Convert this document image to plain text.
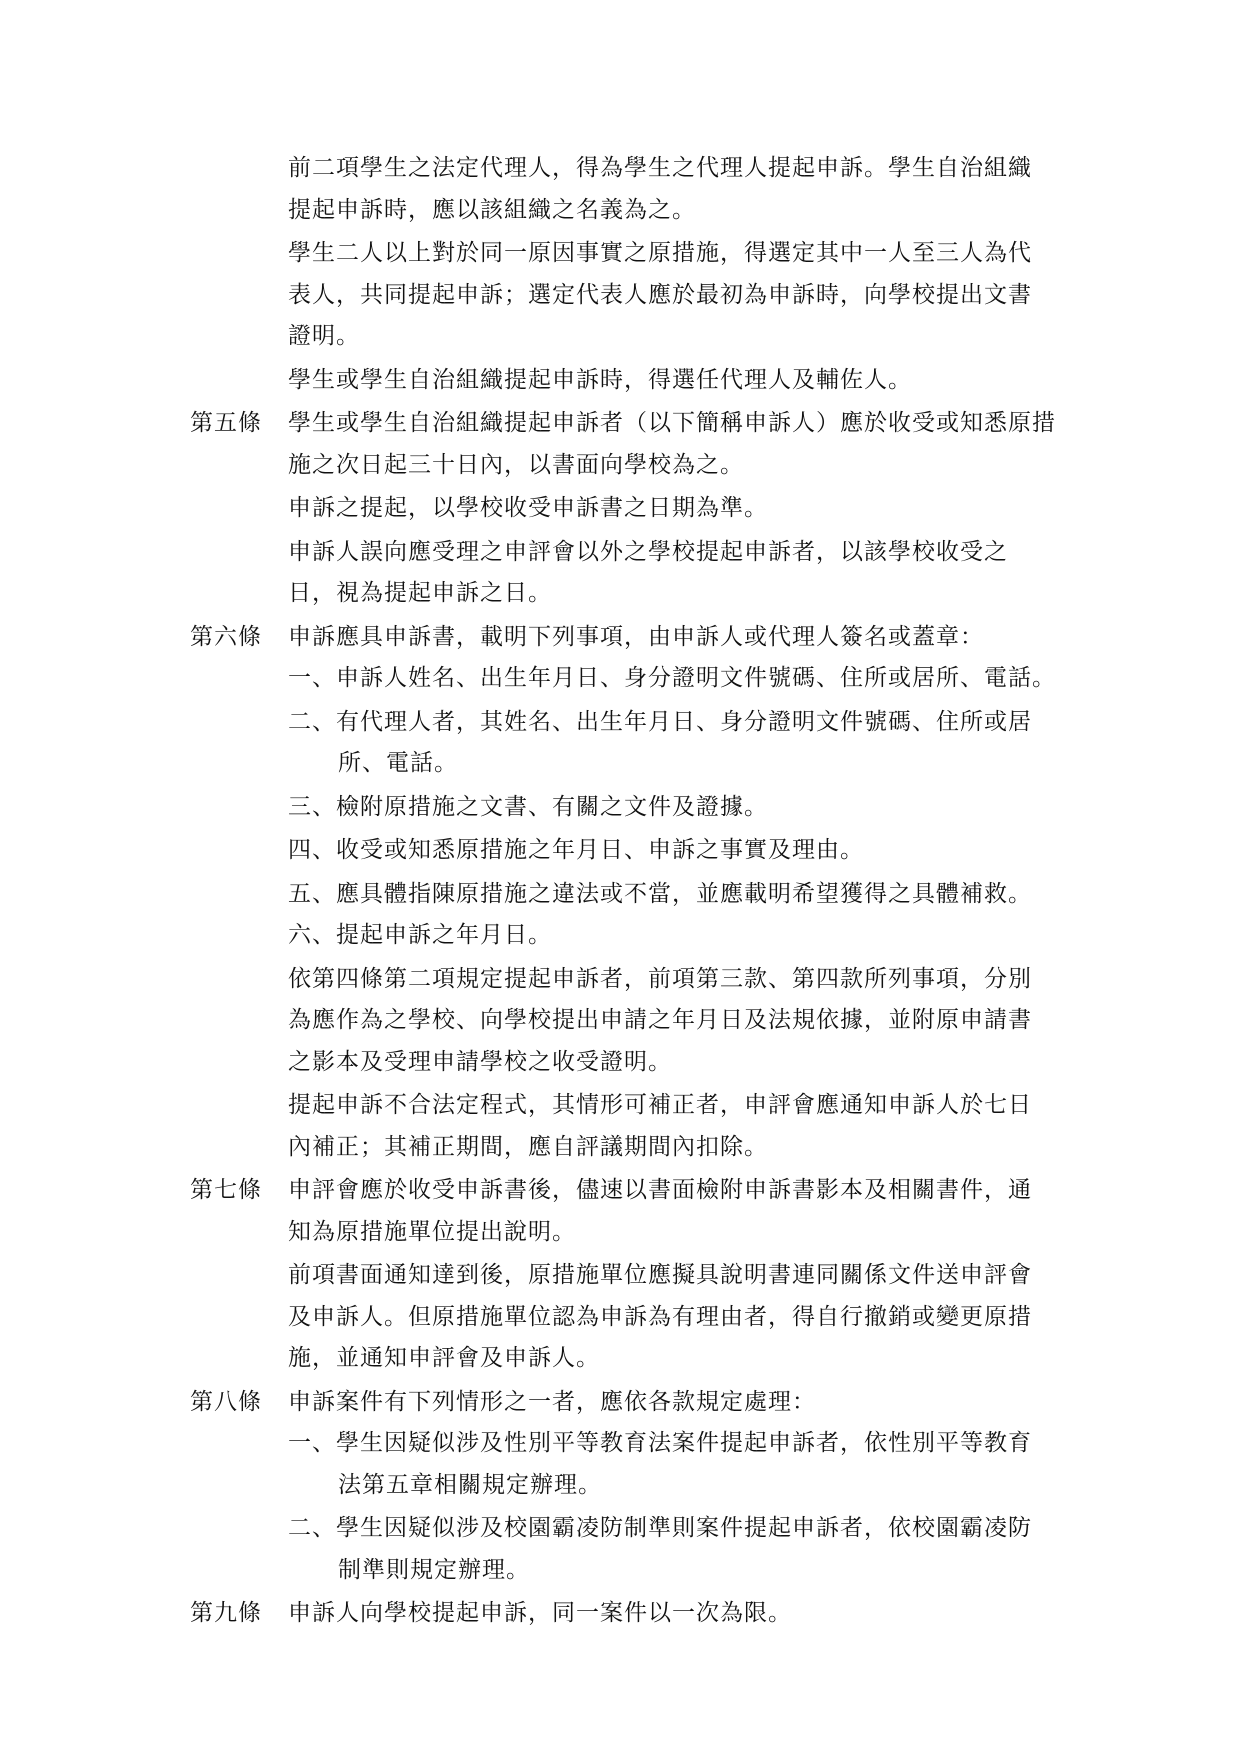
前二項學生之法定代理人，得為學生之代理人提起申訴。學生自治組織
提起申訴時，應以該組織之名義為之。
學生二人以上對於同一原因事實之原措施，得選定其中一人至三人為代
表人，共同提起申訴；選定代表人應於最初為申訴時，向學校提出文書
證明。
學生或學生自治組織提起申訴時，得選任代理人及輔佐人。
第五條 學生或學生自治組織提起申訴者（以下簡稱申訴人）應於收受或知悉原措
施之次日起三十日內，以書面向學校為之。
申訴之提起，以學校收受申訴書之日期為準。
申訴人誤向應受理之申評會以外之學校提起申訴者，以該學校收受之
日，視為提起申訴之日。
第六條 申訴應具申訴書，載明下列事項，由申訴人或代理人簽名或蓋章：
一、申訴人姓名、出生年月日、身分證明文件號碼、住所或居所、電話。
二、有代理人者，其姓名、出生年月日、身分證明文件號碼、住所或居
所、電話。
三、檢附原措施之文書、有關之文件及證據。
四、收受或知悉原措施之年月日、申訴之事實及理由。
五、應具體指陳原措施之違法或不當，並應載明希望獲得之具體補救。
六、提起申訴之年月日。
依第四條第二項規定提起申訴者，前項第三款、第四款所列事項，分別
為應作為之學校、向學校提出申請之年月日及法規依據，並附原申請書
之影本及受理申請學校之收受證明。
提起申訴不合法定程式，其情形可補正者，申評會應通知申訴人於七日
內補正；其補正期間，應自評議期間內扣除。
第七條 申評會應於收受申訴書後，儘速以書面檢附申訴書影本及相關書件，通
知為原措施單位提出說明。
前項書面通知達到後，原措施單位應擬具說明書連同關係文件送申評會
及申訴人。但原措施單位認為申訴為有理由者，得自行撤銷或變更原措
施，並通知申評會及申訴人。
第八條 申訴案件有下列情形之一者，應依各款規定處理：
一、學生因疑似涉及性別平等教育法案件提起申訴者，依性別平等教育
法第五章相關規定辦理。
二、學生因疑似涉及校園霸凌防制準則案件提起申訴者，依校園霸凌防
制準則規定辦理。
第九條 申訴人向學校提起申訴，同一案件以一次為限。
